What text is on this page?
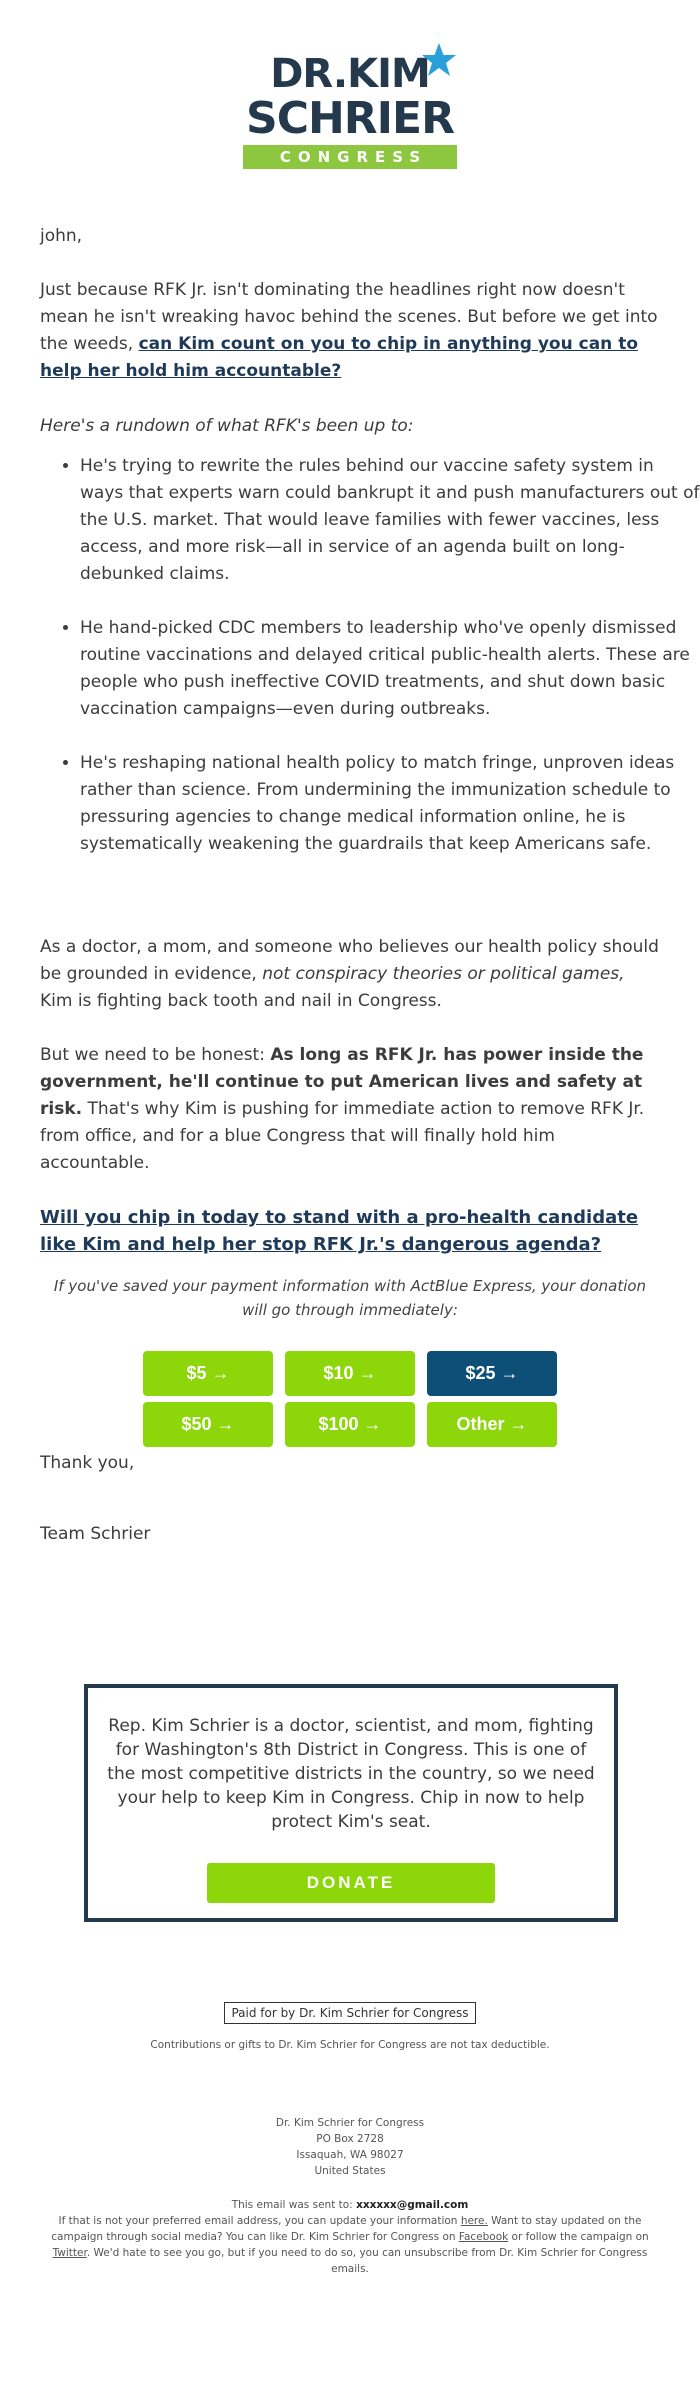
DR.KIM
SCHRIER
CONGRESS

john,

Just because RFK Jr. isn't dominating the headlines right now doesn't mean he isn't wreaking havoc behind the scenes. But before we get into the weeds, can Kim count on you to chip in anything you can to help her hold him accountable?

Here's a rundown of what RFK's been up to:

• He's trying to rewrite the rules behind our vaccine safety system in ways that experts warn could bankrupt it and push manufacturers out of the U.S. market. That would leave families with fewer vaccines, less access, and more risk—all in service of an agenda built on long-debunked claims.
• He hand-picked CDC members to leadership who've openly dismissed routine vaccinations and delayed critical public-health alerts. These are people who push ineffective COVID treatments, and shut down basic vaccination campaigns—even during outbreaks.
• He's reshaping national health policy to match fringe, unproven ideas rather than science. From undermining the immunization schedule to pressuring agencies to change medical information online, he is systematically weakening the guardrails that keep Americans safe.

As a doctor, a mom, and someone who believes our health policy should be grounded in evidence, not conspiracy theories or political games, Kim is fighting back tooth and nail in Congress.

But we need to be honest: As long as RFK Jr. has power inside the government, he'll continue to put American lives and safety at risk. That's why Kim is pushing for immediate action to remove RFK Jr. from office, and for a blue Congress that will finally hold him accountable.

Will you chip in today to stand with a pro-health candidate like Kim and help her stop RFK Jr.'s dangerous agenda?

If you've saved your payment information with ActBlue Express, your donation will go through immediately:
$5 →	$10 →	$25 →
$50 →	$100 →	Other →

Thank you,

Team Schrier

Rep. Kim Schrier is a doctor, scientist, and mom, fighting for Washington's 8th District in Congress. This is one of the most competitive districts in the country, so we need your help to keep Kim in Congress. Chip in now to help protect Kim's seat.
DONATE
Paid for by Dr. Kim Schrier for Congress
Contributions or gifts to Dr. Kim Schrier for Congress are not tax deductible.
Dr. Kim Schrier for Congress
PO Box 2728
Issaquah, WA 98027
United States
This email was sent to: xxxxxx@gmail.com
If that is not your preferred email address, you can update your information here. Want to stay updated on the campaign through social media? You can like Dr. Kim Schrier for Congress on Facebook or follow the campaign on Twitter. We'd hate to see you go, but if you need to do so, you can unsubscribe from Dr. Kim Schrier for Congress emails.
